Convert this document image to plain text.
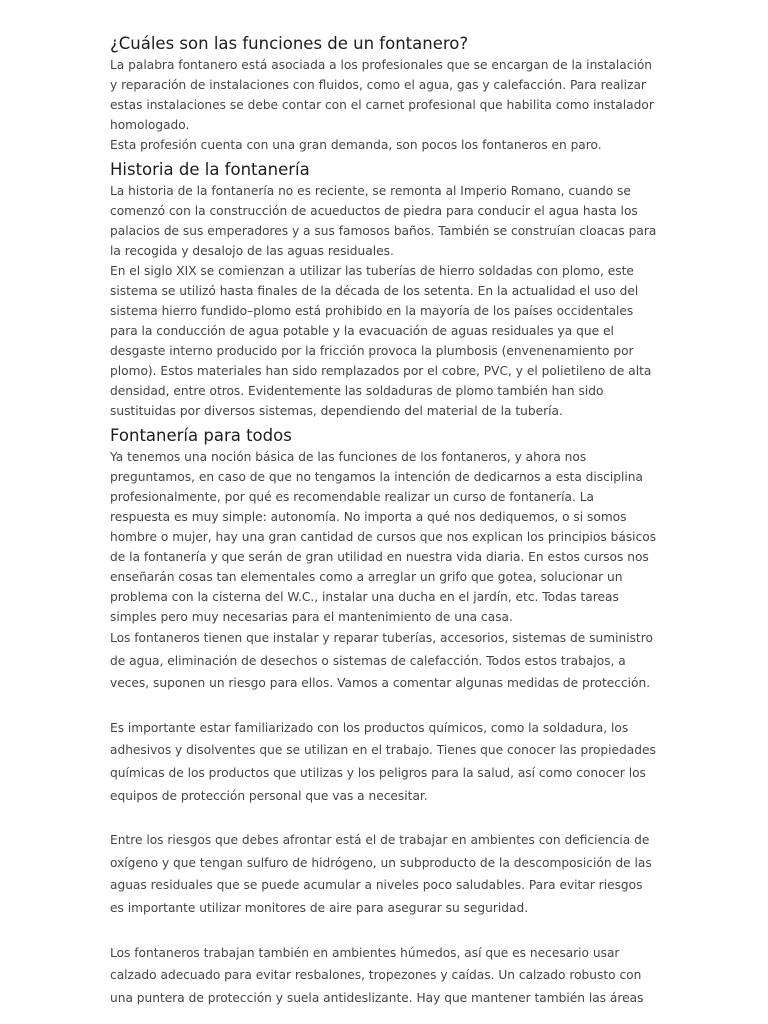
¿Cuáles son las funciones de un fontanero?

La palabra fontanero está asociada a los profesionales que se encargan de la instalación y reparación de instalaciones con fluidos, como el agua, gas y calefacción. Para realizar estas instalaciones se debe contar con el carnet profesional que habilita como instalador homologado.

Esta profesión cuenta con una gran demanda, son pocos los fontaneros en paro.

Historia de la fontanería

La historia de la fontanería no es reciente, se remonta al Imperio Romano, cuando se comenzó con la construcción de acueductos de piedra para conducir el agua hasta los palacios de sus emperadores y a sus famosos baños. También se construían cloacas para la recogida y desalojo de las aguas residuales.

En el siglo XIX se comienzan a utilizar las tuberías de hierro soldadas con plomo, este sistema se utilizó hasta finales de la década de los setenta. En la actualidad el uso del sistema hierro fundido–plomo está prohibido en la mayoría de los países occidentales para la conducción de agua potable y la evacuación de aguas residuales ya que el desgaste interno producido por la fricción provoca la plumbosis (envenenamiento por plomo). Estos materiales han sido remplazados por el cobre, PVC, y el polietileno de alta densidad, entre otros. Evidentemente las soldaduras de plomo también han sido sustituidas por diversos sistemas, dependiendo del material de la tubería.

Fontanería para todos

Ya tenemos una noción básica de las funciones de los fontaneros, y ahora nos preguntamos, en caso de que no tengamos la intención de dedicarnos a esta disciplina profesionalmente, por qué es recomendable realizar un curso de fontanería. La respuesta es muy simple: autonomía. No importa a qué nos dediquemos, o si somos hombre o mujer, hay una gran cantidad de cursos que nos explican los principios básicos de la fontanería y que serán de gran utilidad en nuestra vida diaria. En estos cursos nos enseñarán cosas tan elementales como a arreglar un grifo que gotea, solucionar un problema con la cisterna del W.C., instalar una ducha en el jardín, etc. Todas tareas simples pero muy necesarias para el mantenimiento de una casa.

Los fontaneros tienen que instalar y reparar tuberías, accesorios, sistemas de suministro de agua, eliminación de desechos o sistemas de calefacción. Todos estos trabajos, a veces, suponen un riesgo para ellos. Vamos a comentar algunas medidas de protección.

Es importante estar familiarizado con los productos químicos, como la soldadura, los adhesivos y disolventes que se utilizan en el trabajo. Tienes que conocer las propiedades químicas de los productos que utilizas y los peligros para la salud, así como conocer los equipos de protección personal que vas a necesitar.

Entre los riesgos que debes afrontar está el de trabajar en ambientes con deficiencia de oxígeno y que tengan sulfuro de hidrógeno, un subproducto de la descomposición de las aguas residuales que se puede acumular a niveles poco saludables. Para evitar riesgos es importante utilizar monitores de aire para asegurar su seguridad.

Los fontaneros trabajan también en ambientes húmedos, así que es necesario usar calzado adecuado para evitar resbalones, tropezones y caídas. Un calzado robusto con una puntera de protección y suela antideslizante. Hay que mantener también las áreas
